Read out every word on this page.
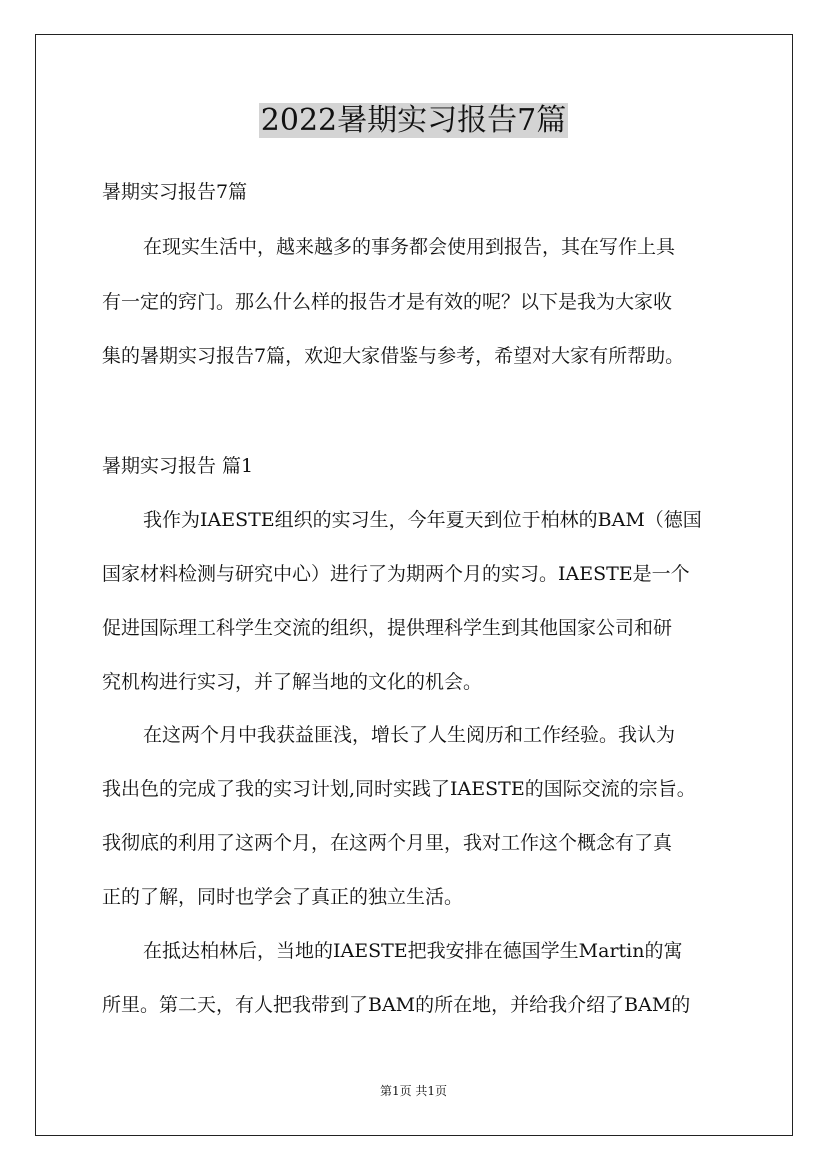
2022暑期实习报告7篇

暑期实习报告7篇

在现实生活中，越来越多的事务都会使用到报告，其在写作上具

有一定的窍门。那么什么样的报告才是有效的呢？以下是我为大家收

集的暑期实习报告7篇，欢迎大家借鉴与参考，希望对大家有所帮助。

暑期实习报告 篇1

我作为IAESTE组织的实习生，今年夏天到位于柏林的BAM（德国

国家材料检测与研究中心）进行了为期两个月的实习。IAESTE是一个

促进国际理工科学生交流的组织，提供理科学生到其他国家公司和研

究机构进行实习，并了解当地的文化的机会。

在这两个月中我获益匪浅，增长了人生阅历和工作经验。我认为

我出色的完成了我的实习计划,同时实践了IAESTE的国际交流的宗旨。

我彻底的利用了这两个月，在这两个月里，我对工作这个概念有了真

正的了解，同时也学会了真正的独立生活。

在抵达柏林后，当地的IAESTE把我安排在德国学生Martin的寓

所里。第二天，有人把我带到了BAM的所在地，并给我介绍了BAM的

第1页 共1页
